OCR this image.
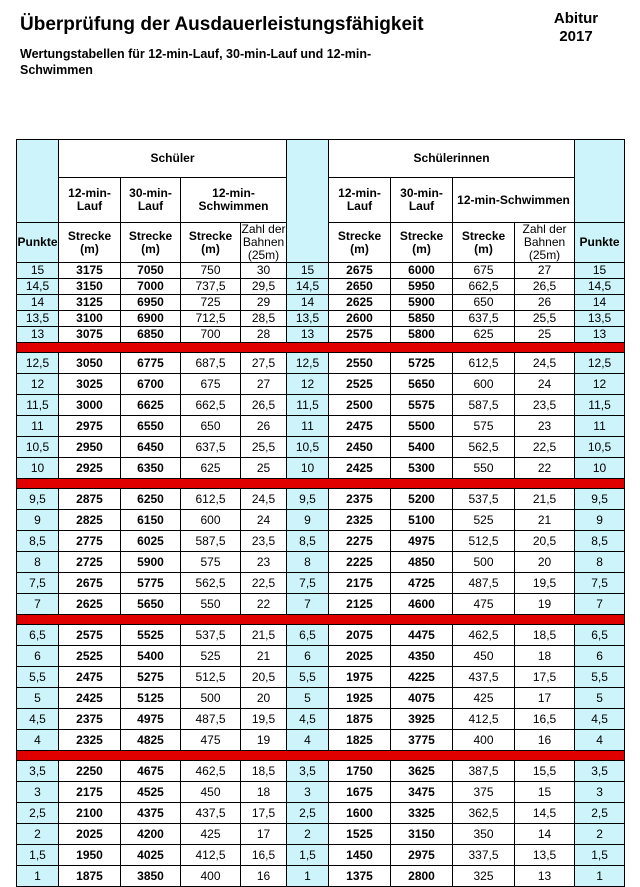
Überprüfung der Ausdauerleistungsfähigkeit

Wertungstabellen für 12-min-Lauf, 30-min-Lauf und 12-min-Schwimmen

Abitur
2017
	Schüler					Schülerinnen				
	12-min-Lauf	30-min-Lauf	12-min-Schwimmen			12-min-Lauf	30-min-Lauf	12-min-Schwimmen		
Punkte	Strecke (m)	Strecke (m)	Strecke (m)	Zahl der Bahnen (25m)		Strecke (m)	Strecke (m)	Strecke (m)	Zahl der Bahnen (25m)	Punkte
15	3175	7050	750	30	15	2675	6000	675	27	15
14,5	3150	7000	737,5	29,5	14,5	2650	5950	662,5	26,5	14,5
14	3125	6950	725	29	14	2625	5900	650	26	14
13,5	3100	6900	712,5	28,5	13,5	2600	5850	637,5	25,5	13,5
13	3075	6850	700	28	13	2575	5800	625	25	13

12,5	3050	6775	687,5	27,5	12,5	2550	5725	612,5	24,5	12,5
12	3025	6700	675	27	12	2525	5650	600	24	12
11,5	3000	6625	662,5	26,5	11,5	2500	5575	587,5	23,5	11,5
11	2975	6550	650	26	11	2475	5500	575	23	11
10,5	2950	6450	637,5	25,5	10,5	2450	5400	562,5	22,5	10,5
10	2925	6350	625	25	10	2425	5300	550	22	10

9,5	2875	6250	612,5	24,5	9,5	2375	5200	537,5	21,5	9,5
9	2825	6150	600	24	9	2325	5100	525	21	9
8,5	2775	6025	587,5	23,5	8,5	2275	4975	512,5	20,5	8,5
8	2725	5900	575	23	8	2225	4850	500	20	8
7,5	2675	5775	562,5	22,5	7,5	2175	4725	487,5	19,5	7,5
7	2625	5650	550	22	7	2125	4600	475	19	7

6,5	2575	5525	537,5	21,5	6,5	2075	4475	462,5	18,5	6,5
6	2525	5400	525	21	6	2025	4350	450	18	6
5,5	2475	5275	512,5	20,5	5,5	1975	4225	437,5	17,5	5,5
5	2425	5125	500	20	5	1925	4075	425	17	5
4,5	2375	4975	487,5	19,5	4,5	1875	3925	412,5	16,5	4,5
4	2325	4825	475	19	4	1825	3775	400	16	4

3,5	2250	4675	462,5	18,5	3,5	1750	3625	387,5	15,5	3,5
3	2175	4525	450	18	3	1675	3475	375	15	3
2,5	2100	4375	437,5	17,5	2,5	1600	3325	362,5	14,5	2,5
2	2025	4200	425	17	2	1525	3150	350	14	2
1,5	1950	4025	412,5	16,5	1,5	1450	2975	337,5	13,5	1,5
1	1875	3850	400	16	1	1375	2800	325	13	1
